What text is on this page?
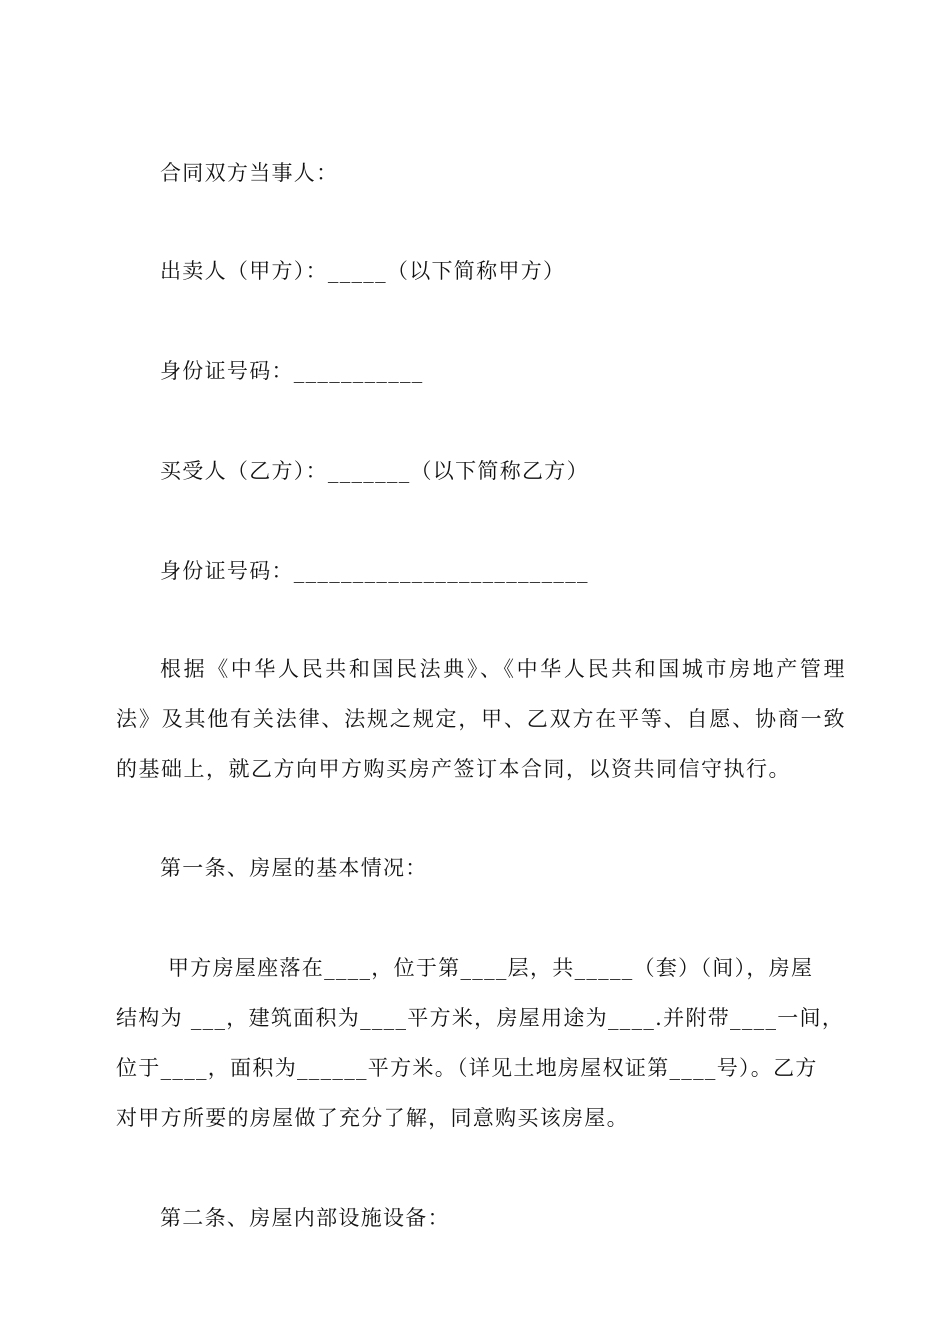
合同双方当事人：
出卖人（甲方）：_____（以下简称甲方）
身份证号码：___________
买受人（乙方）：_______（以下简称乙方）
身份证号码：_________________________
根据《中华人民共和国民法典》、《中华人民共和国城市房地产管理法》及其他有关法律、法规之规定，甲、乙双方在平等、自愿、协商一致的基础上，就乙方向甲方购买房产签订本合同，以资共同信守执行。
第一条、房屋的基本情况：
甲方房屋座落在____，位于第____层，共_____（套）（间），房屋
结构为 ___，建筑面积为____平方米，房屋用途为____.并附带____一间，
位于____，面积为______平方米。（详见土地房屋权证第____号）。乙方
对甲方所要的房屋做了充分了解，同意购买该房屋。
第二条、房屋内部设施设备：
